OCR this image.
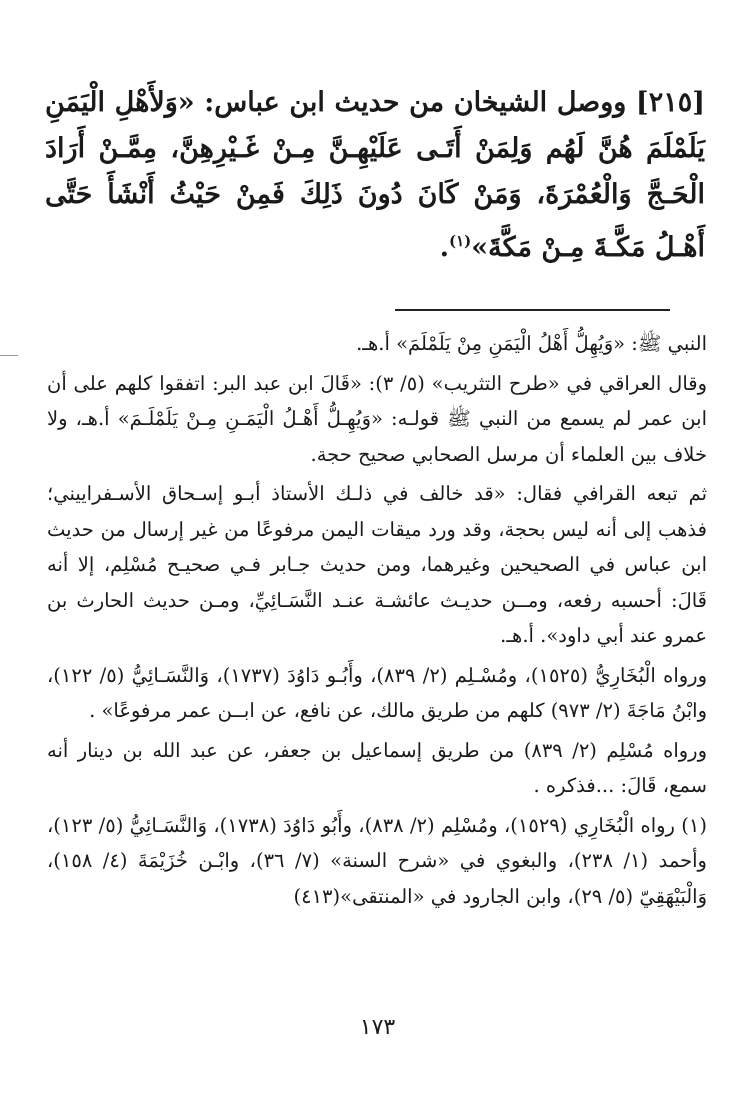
[٢١٥] ووصل الشيخان من حديث ابن عباس: «وَلأَهْلِ الْيَمَنِ يَلَمْلَمَ هُنَّ لَهُم وَلِمَنْ أَتَـى عَلَيْهِـنَّ مِـنْ غَـيْرِهِنَّ، مِمَّـنْ أَرَادَ الْحَـجَّ وَالْعُمْرَةَ، وَمَنْ كَانَ دُونَ ذَلِكَ فَمِنْ حَيْثُ أَنْشَأَ حَتَّى أَهْـلُ مَكَّـةَ مِـنْ مَكَّةَ»$^{(١)}$.

النبي ﷺ: «وَيُهِلُّ أَهْلُ الْيَمَنِ مِنْ يَلَمْلَمَ» أ.هـ.

وقال العراقي في «طرح التثريب» (٥/ ٣): «قَالَ ابن عبد البر: اتفقوا كلهم على أن ابن عمر لم يسمع من النبي ﷺ قولـه: «وَيُهِـلُّ أَهْـلُ الْيَمَـنِ مِـنْ يَلَمْلَـمَ» أ.هـ، ولا خلاف بين العلماء أن مرسل الصحابي صحيح حجة.

ثم تبعه القرافي فقال: «قد خالف في ذلـك الأستاذ أبـو إسـحاق الأسـفراييني؛ فذهب إلى أنه ليس بحجة، وقد ورد ميقات اليمن مرفوعًا من غير إرسال من حديث ابن عباس في الصحيحين وغيرهما، ومن حديث جـابر فـي صحيـح مُسْلِم، إلا أنه قَالَ: أحسبه رفعه، ومــن حديـث عائشـة عنـد النَّسَـائِيِّ، ومـن حديث الحارث بن عمرو عند أبي داود». أ.هـ.

ورواه الْبُخَارِيُّ (١٥٢٥)، ومُسْـلِم (٢/ ٨٣٩)، وأَبُـو دَاوُدَ (١٧٣٧)، وَالنَّسَـائِيُّ (٥/ ١٢٢)، وابْنُ مَاجَةَ (٢/ ٩٧٣) كلهم من طريق مالك، عن نافع، عن ابــن عمر مرفوعًا» .

ورواه مُسْلِم (٢/ ٨٣٩) من طريق إسماعيل بن جعفر، عن عبد الله بن دينار أنه سمع، قَالَ: ...فذكره .

(١) رواه الْبُخَارِي (١٥٢٩)، ومُسْلِم (٢/ ٨٣٨)، وأَبُو دَاوُدَ (١٧٣٨)، وَالنَّسَـائِيُّ (٥/ ١٢٣)، وأحمد (١/ ٢٣٨)، والبغوي في «شرح السنة» (٧/ ٣٦)، وابْـن خُزَيْمَةَ (٤/ ١٥٨)، وَالْبَيْهَقِيّ (٥/ ٢٩)، وابن الجارود في «المنتقى»(٤١٣)

١٧٣
